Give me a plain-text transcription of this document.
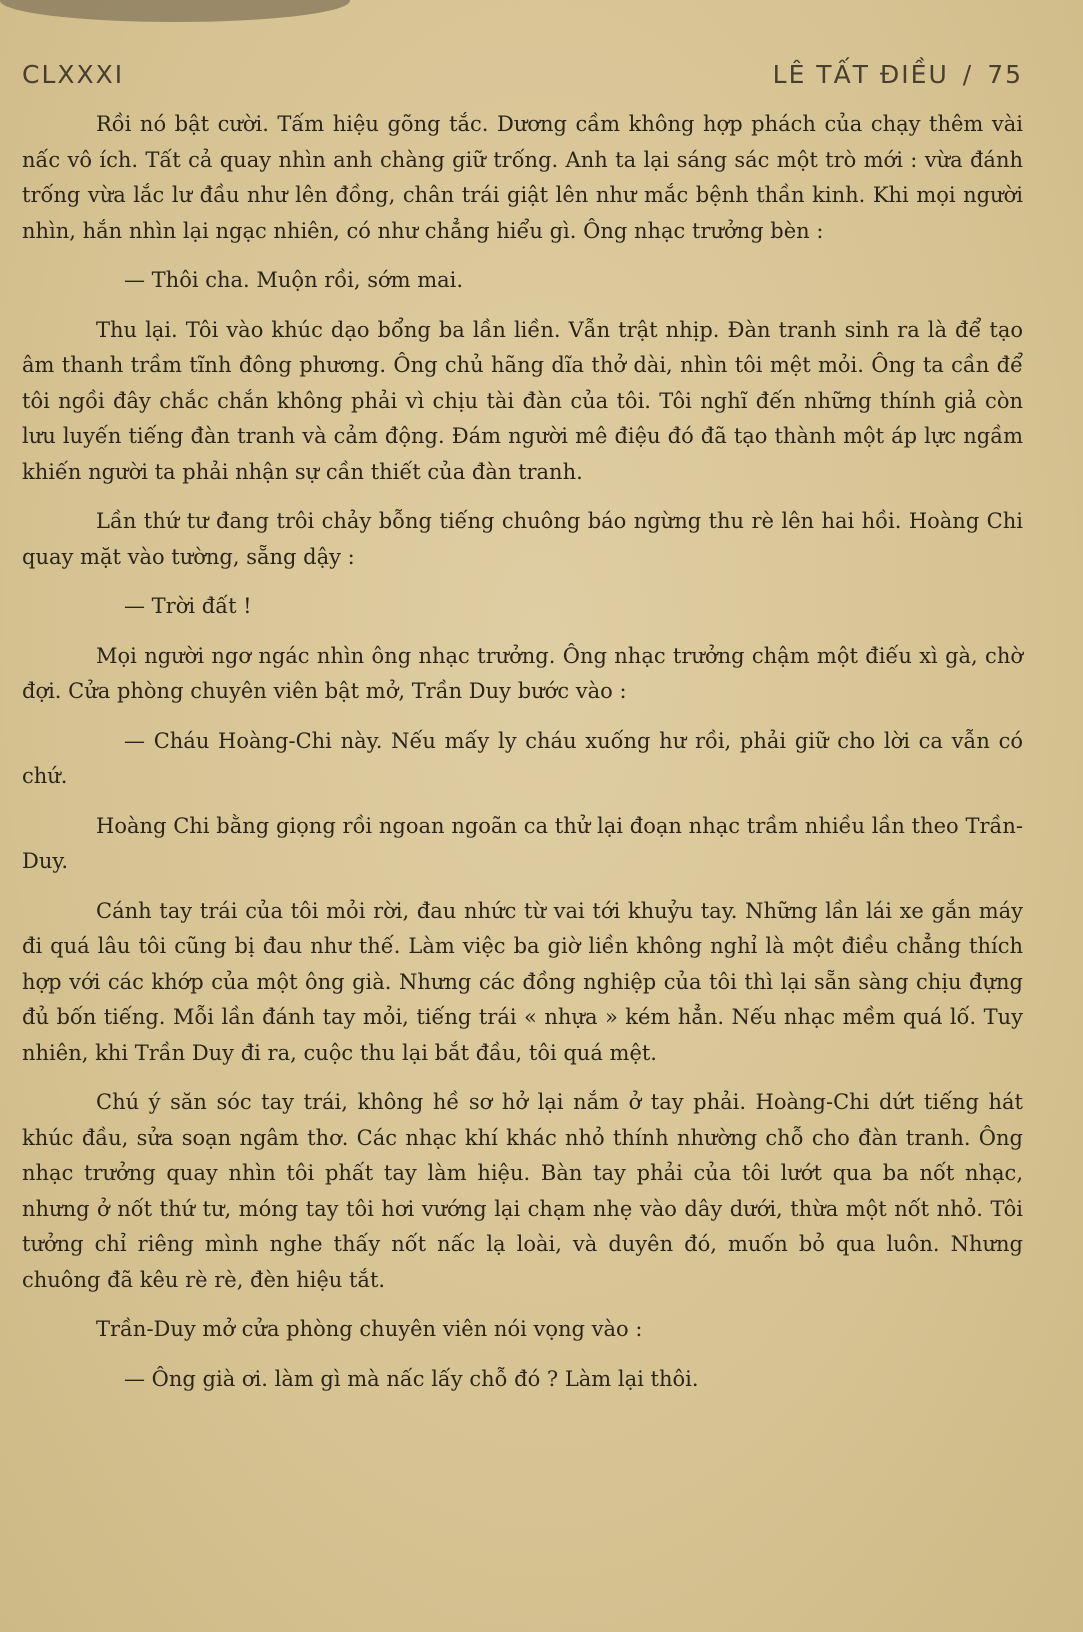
CLXXXI	LÊ TẤT ĐIỀU / 75

Rồi nó bật cười. Tấm hiệu gõng tắc. Dương cầm không hợp phách của chạy thêm vài nấc vô ích. Tất cả quay nhìn anh chàng giữ trống. Anh ta lại sáng sác một trò mới : vừa đánh trống vừa lắc lư đầu như lên đồng, chân trái giật lên như mắc bệnh thần kinh. Khi mọi người nhìn, hắn nhìn lại ngạc nhiên, có như chẳng hiểu gì. Ông nhạc trưởng bèn :

— Thôi cha. Muộn rồi, sớm mai.

Thu lại. Tôi vào khúc dạo bổng ba lần liền. Vẫn trật nhịp. Đàn tranh sinh ra là để tạo âm thanh trầm tĩnh đông phương. Ông chủ hãng dĩa thở dài, nhìn tôi mệt mỏi. Ông ta cần để tôi ngồi đây chắc chắn không phải vì chịu tài đàn của tôi. Tôi nghĩ đến những thính giả còn lưu luyến tiếng đàn tranh và cảm động. Đám người mê điệu đó đã tạo thành một áp lực ngầm khiến người ta phải nhận sự cần thiết của đàn tranh.

Lần thứ tư đang trôi chảy bỗng tiếng chuông báo ngừng thu rè lên hai hồi. Hoàng Chi quay mặt vào tường, sẵng dậy :

— Trời đất !

Mọi người ngơ ngác nhìn ông nhạc trưởng. Ông nhạc trưởng chậm một điếu xì gà, chờ đợi. Cửa phòng chuyên viên bật mở, Trần Duy bước vào :

— Cháu Hoàng-Chi này. Nếu mấy ly cháu xuống hư rồi, phải giữ cho lời ca vẫn có chứ.

Hoàng Chi bằng giọng rồi ngoan ngoãn ca thử lại đoạn nhạc trầm nhiều lần theo Trần-Duy.

Cánh tay trái của tôi mỏi rời, đau nhức từ vai tới khuỷu tay. Những lần lái xe gắn máy đi quá lâu tôi cũng bị đau như thế. Làm việc ba giờ liền không nghỉ là một điều chẳng thích hợp với các khớp của một ông già. Nhưng các đồng nghiệp của tôi thì lại sẵn sàng chịu đựng đủ bốn tiếng. Mỗi lần đánh tay mỏi, tiếng trái « nhựa » kém hẳn. Nếu nhạc mềm quá lố. Tuy nhiên, khi Trần Duy đi ra, cuộc thu lại bắt đầu, tôi quá mệt.

Chú ý săn sóc tay trái, không hề sơ hở lại nắm ở tay phải. Hoàng-Chi dứt tiếng hát khúc đầu, sửa soạn ngâm thơ. Các nhạc khí khác nhỏ thính nhường chỗ cho đàn tranh. Ông nhạc trưởng quay nhìn tôi phất tay làm hiệu. Bàn tay phải của tôi lướt qua ba nốt nhạc, nhưng ở nốt thứ tư, móng tay tôi hơi vướng lại chạm nhẹ vào dây dưới, thừa một nốt nhỏ. Tôi tưởng chỉ riêng mình nghe thấy nốt nấc lạ loài, và duyên đó, muốn bỏ qua luôn. Nhưng chuông đã kêu rè rè, đèn hiệu tắt.

Trần-Duy mở cửa phòng chuyên viên nói vọng vào :

— Ông già ơi. làm gì mà nấc lấy chỗ đó ? Làm lại thôi.
